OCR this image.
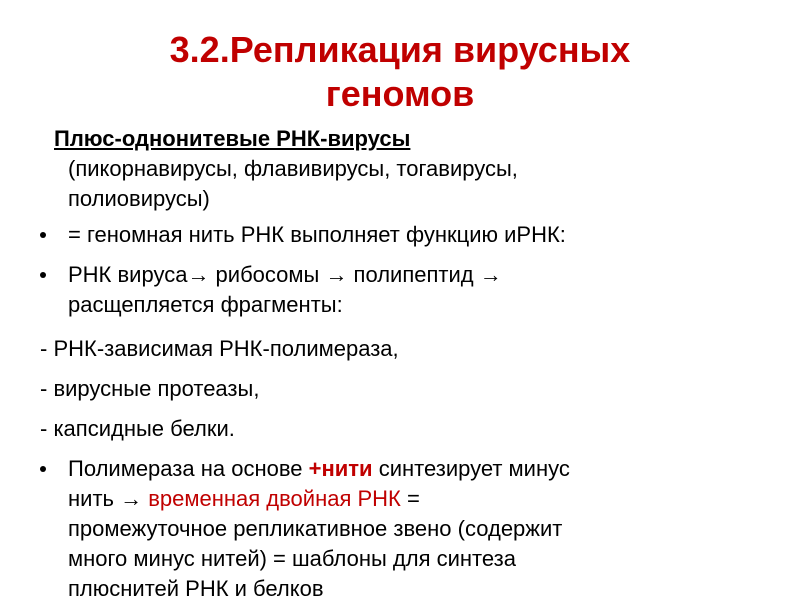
3.2.Репликация вирусных
геномов
Плюс-однонитевые РНК-вирусы
(пикорнавирусы, флавивирусы, тогавирусы,
полиовирусы)
= геномная нить РНК выполняет функцию иРНК:
РНК вируса→ рибосомы → полипептид →
расщепляется фрагменты:
- РНК-зависимая РНК-полимераза,
- вирусные протеазы,
- капсидные белки.
Полимераза на основе +нити синтезирует минус
нить → временная двойная РНК =
промежуточное репликативное звено (содержит
много минус нитей) = шаблоны для синтеза
плюснитей РНК и белков
